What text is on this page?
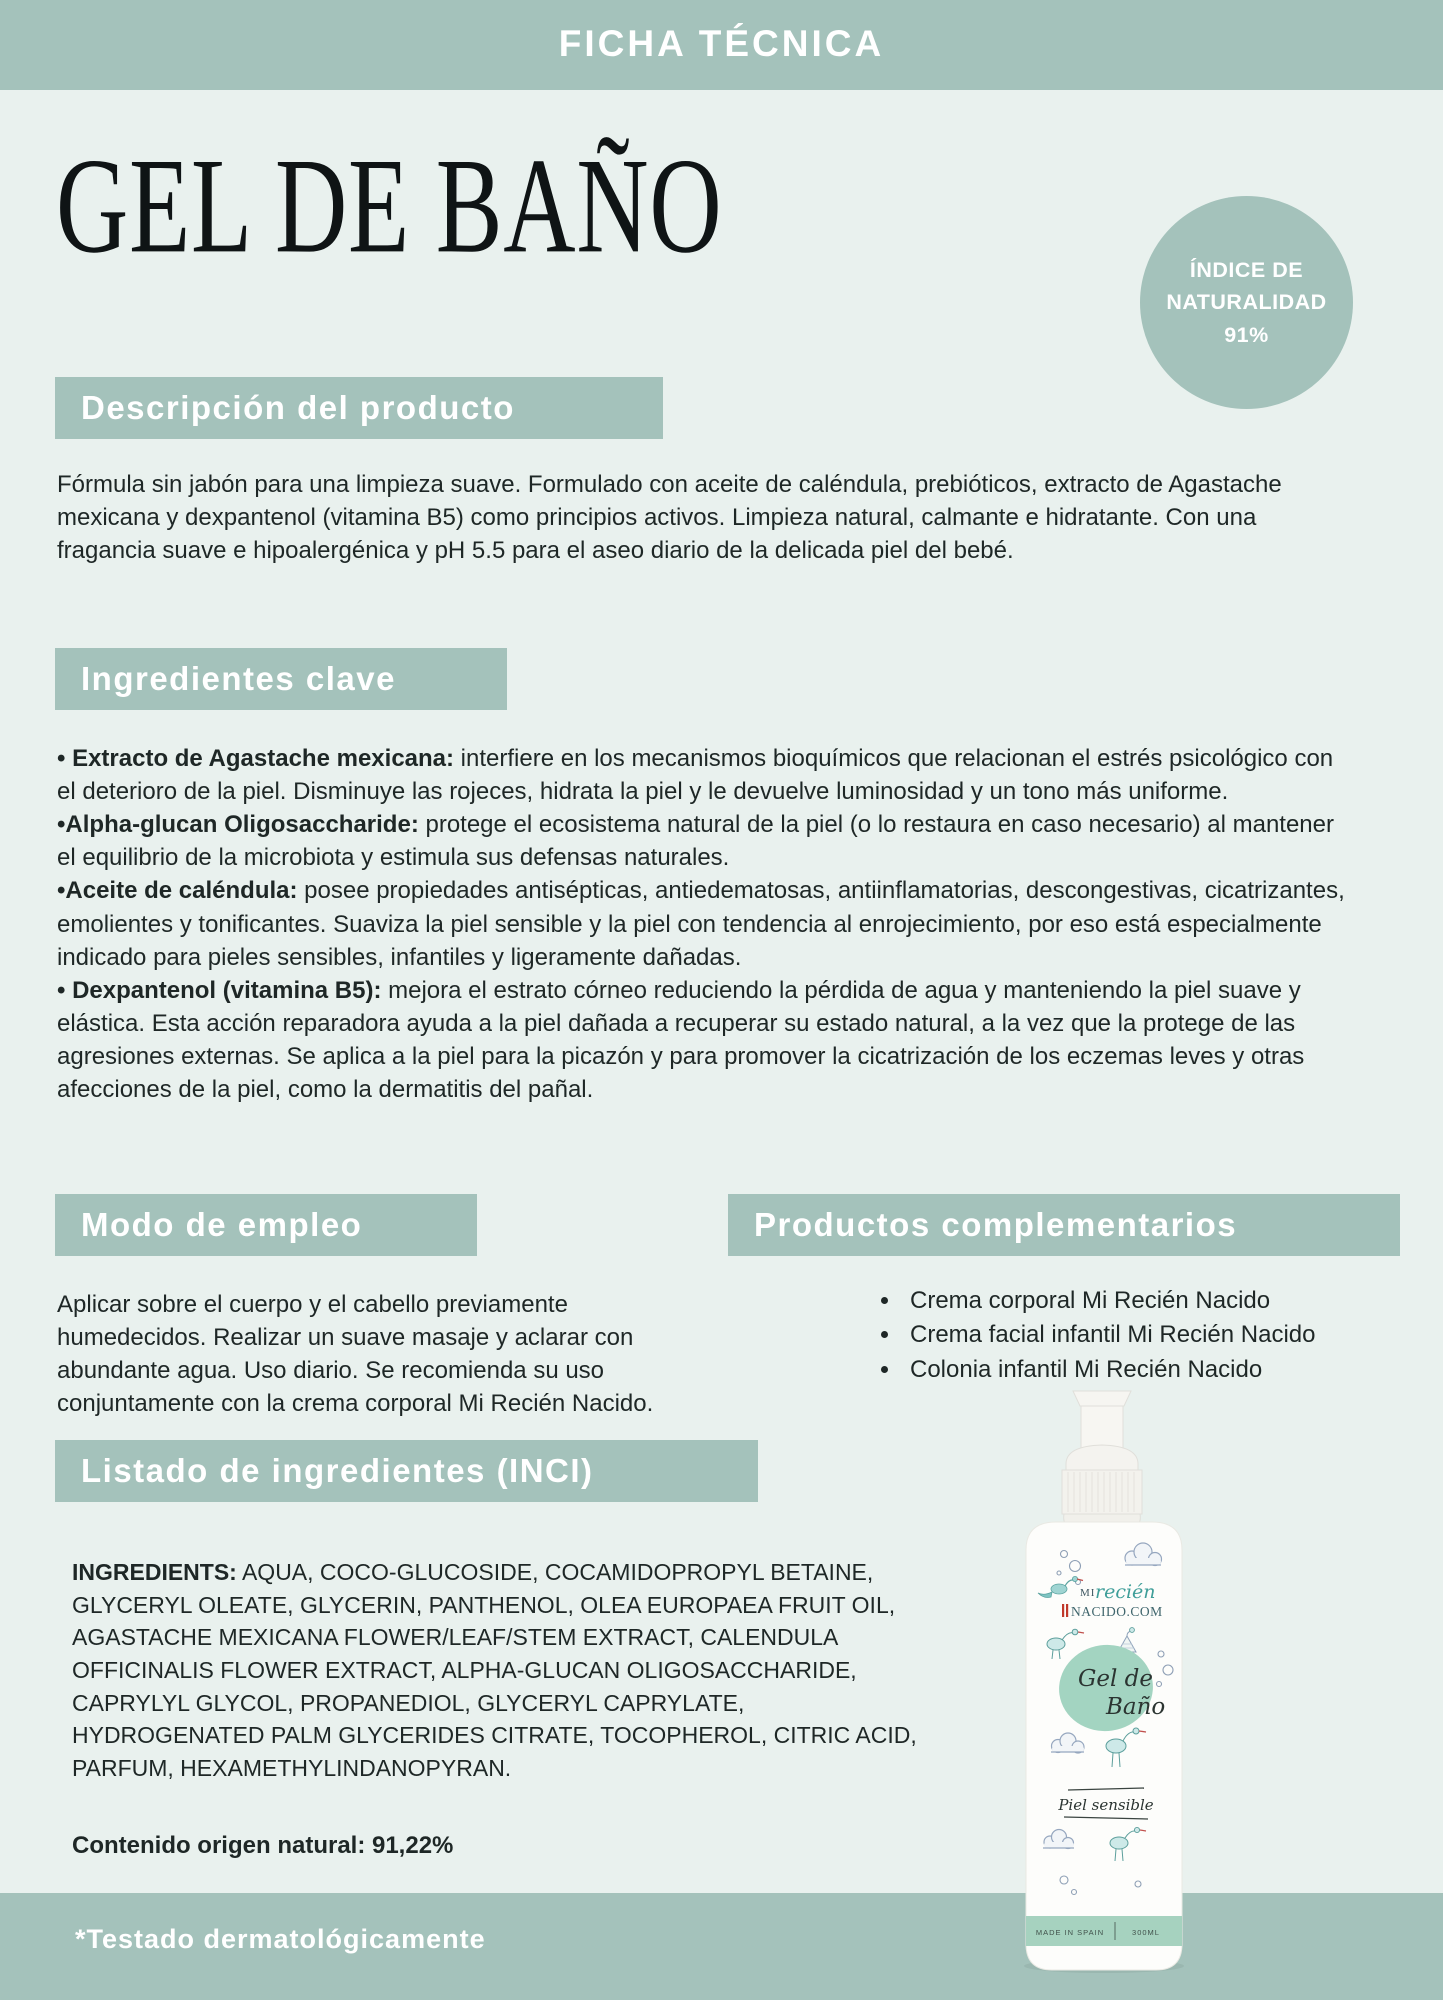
FICHA TÉCNICA
GEL DE BAÑO	ÍNDICE DE
NATURALIDAD
91%
Descripción del producto

Fórmula sin jabón para una limpieza suave. Formulado con aceite de caléndula, prebióticos, extracto de Agastache mexicana y dexpantenol (vitamina B5) como principios activos. Limpieza natural, calmante e hidratante. Con una fragancia suave e hipoalergénica y pH 5.5 para el aseo diario de la delicada piel del bebé.

Ingredientes clave

• Extracto de Agastache mexicana: interfiere en los mecanismos bioquímicos que relacionan el estrés psicológico con el deterioro de la piel. Disminuye las rojeces, hidrata la piel y le devuelve luminosidad y un tono más uniforme.

•Alpha-glucan Oligosaccharide: protege el ecosistema natural de la piel (o lo restaura en caso necesario) al mantener el equilibrio de la microbiota y estimula sus defensas naturales.

•Aceite de caléndula: posee propiedades antisépticas, antiedematosas, antiinflamatorias, descongestivas, cicatrizantes, emolientes y tonificantes. Suaviza la piel sensible y la piel con tendencia al enrojecimiento, por eso está especialmente indicado para pieles sensibles, infantiles y ligeramente dañadas.

• Dexpantenol (vitamina B5): mejora el estrato córneo reduciendo la pérdida de agua y manteniendo la piel suave y elástica. Esta acción reparadora ayuda a la piel dañada a recuperar su estado natural, a la vez que la protege de las agresiones externas. Se aplica a la piel para la picazón y para promover la cicatrización de los eczemas leves y otras afecciones de la piel, como la dermatitis del pañal.

Modo de empleo

Aplicar sobre el cuerpo y el cabello previamente humedecidos. Realizar un suave masaje y aclarar con abundante agua. Uso diario. Se recomienda su uso conjuntamente con la crema corporal Mi Recién Nacido.

Productos complementarios
• Crema corporal Mi Recién Nacido
• Crema facial infantil Mi Recién Nacido
• Colonia infantil Mi Recién Nacido
Listado de ingredientes (INCI)

INGREDIENTS: AQUA, COCO-GLUCOSIDE, COCAMIDOPROPYL BETAINE, GLYCERYL OLEATE, GLYCERIN, PANTHENOL, OLEA EUROPAEA FRUIT OIL, AGASTACHE MEXICANA FLOWER/LEAF/STEM EXTRACT, CALENDULA OFFICINALIS FLOWER EXTRACT, ALPHA-GLUCAN OLIGOSACCHARIDE, CAPRYLYL GLYCOL, PROPANEDIOL, GLYCERYL CAPRYLATE, HYDROGENATED PALM GLYCERIDES CITRATE, TOCOPHEROL, CITRIC ACID, PARFUM, HEXAMETHYLINDANOPYRAN.

Contenido origen natural: 91,22%

*Testado dermatológicamente
MI recién
NACIDO.COM
Gel de
Baño
Piel sensible
MADE IN SPAIN	300ML
